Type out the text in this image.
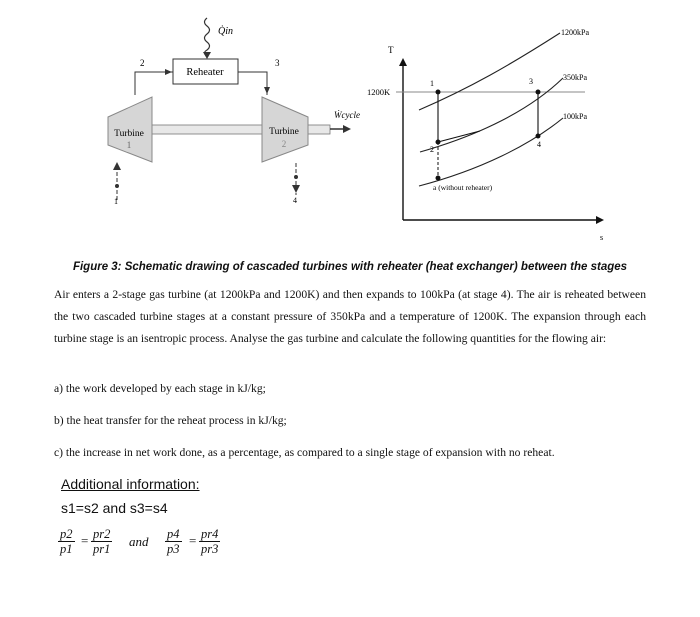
Q̇in
Reheater
2	3
Turbine
1
Turbine
2
1	4
Ẇcycle
T
s
1200K
1200kPa
350kPa
100kPa
1
2
3
4
a (without reheater)
Figure 3: Schematic drawing of cascaded turbines with reheater (heat exchanger) between the stages
Air enters a 2-stage gas turbine (at 1200kPa and 1200K) and then expands to 100kPa (at stage 4). The air is reheated between the two cascaded turbine stages at a constant pressure of 350kPa and a temperature of 1200K. The expansion through each turbine stage is an isentropic process. Analyse the gas turbine and calculate the following quantities for the flowing air:
a) the work developed by each stage in kJ/kg;
b) the heat transfer for the reheat process in kJ/kg;
c) the increase in net work done, as a percentage, as compared to a single stage of expansion with no reheat.
Additional information:
s1=s2 and s3=s4
$\frac{p2}{p1} = \frac{pr2}{pr1}$ and $\frac{p4}{p3} = \frac{pr4}{pr3}$
